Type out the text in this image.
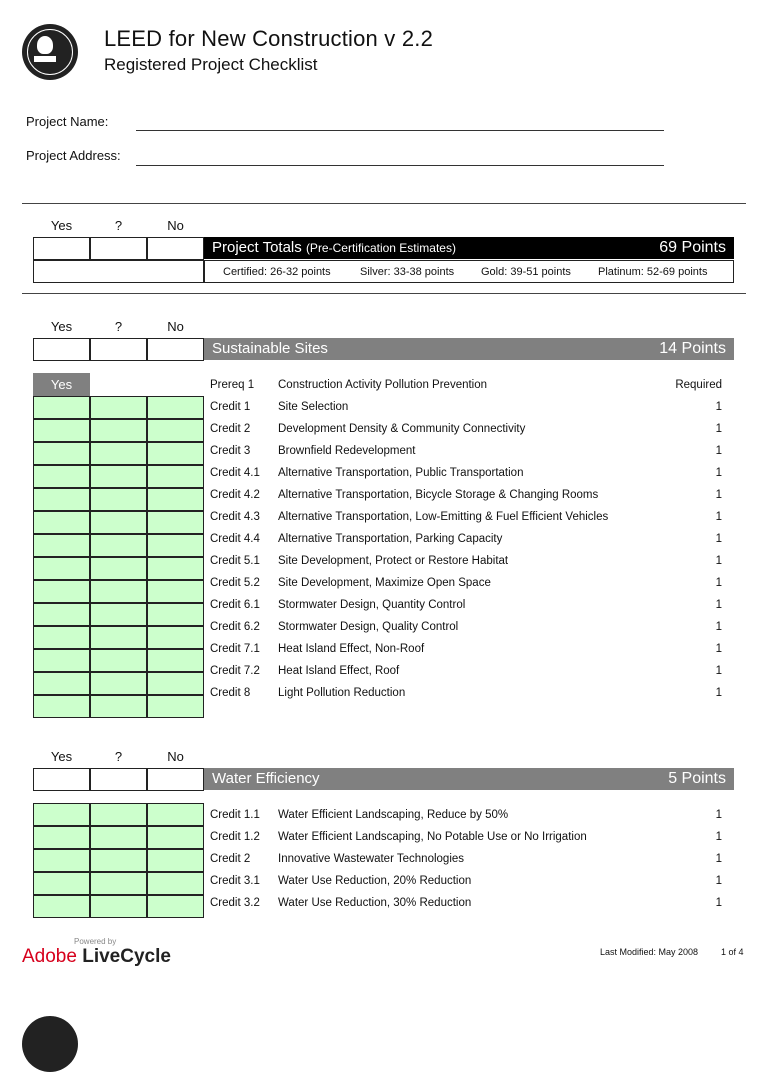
LEED for New Construction v 2.2
Registered Project Checklist
Project Name:
Project Address:
Yes	?	No
Project Totals (Pre-Certification Estimates)	69 Points
Certified: 26-32 points	Silver: 33-38 points Gold: 39-51 points Platinum: 52-69 points
Yes	?	No
Sustainable Sites	14 Points
Yes	Prereq 1 Construction Activity Pollution Prevention	Required
Credit 1 Site Selection	1
Credit 2 Development Density & Community Connectivity	1
Credit 3 Brownfield Redevelopment	1
Credit 4.1 Alternative Transportation, Public Transportation	1
Credit 4.2 Alternative Transportation, Bicycle Storage & Changing Rooms	1
Credit 4.3 Alternative Transportation, Low-Emitting & Fuel Efficient Vehicles	1
Credit 4.4 Alternative Transportation, Parking Capacity	1
Credit 5.1 Site Development, Protect or Restore Habitat	1
Credit 5.2 Site Development, Maximize Open Space	1
Credit 6.1 Stormwater Design, Quantity Control	1
Credit 6.2 Stormwater Design, Quality Control	1
Credit 7.1 Heat Island Effect, Non-Roof	1
Credit 7.2 Heat Island Effect, Roof	1
Credit 8 Light Pollution Reduction	1
Yes	?	No
Water Efficiency	5 Points
Credit 1.1 Water Efficient Landscaping, Reduce by 50%	1
Credit 1.2 Water Efficient Landscaping, No Potable Use or No Irrigation	1
Credit 2 Innovative Wastewater Technologies	1
Credit 3.1 Water Use Reduction, 20% Reduction	1
Credit 3.2 Water Use Reduction, 30% Reduction	1
Powered by
Adobe LiveCycle	Last Modified: May 2008	1 of 4
